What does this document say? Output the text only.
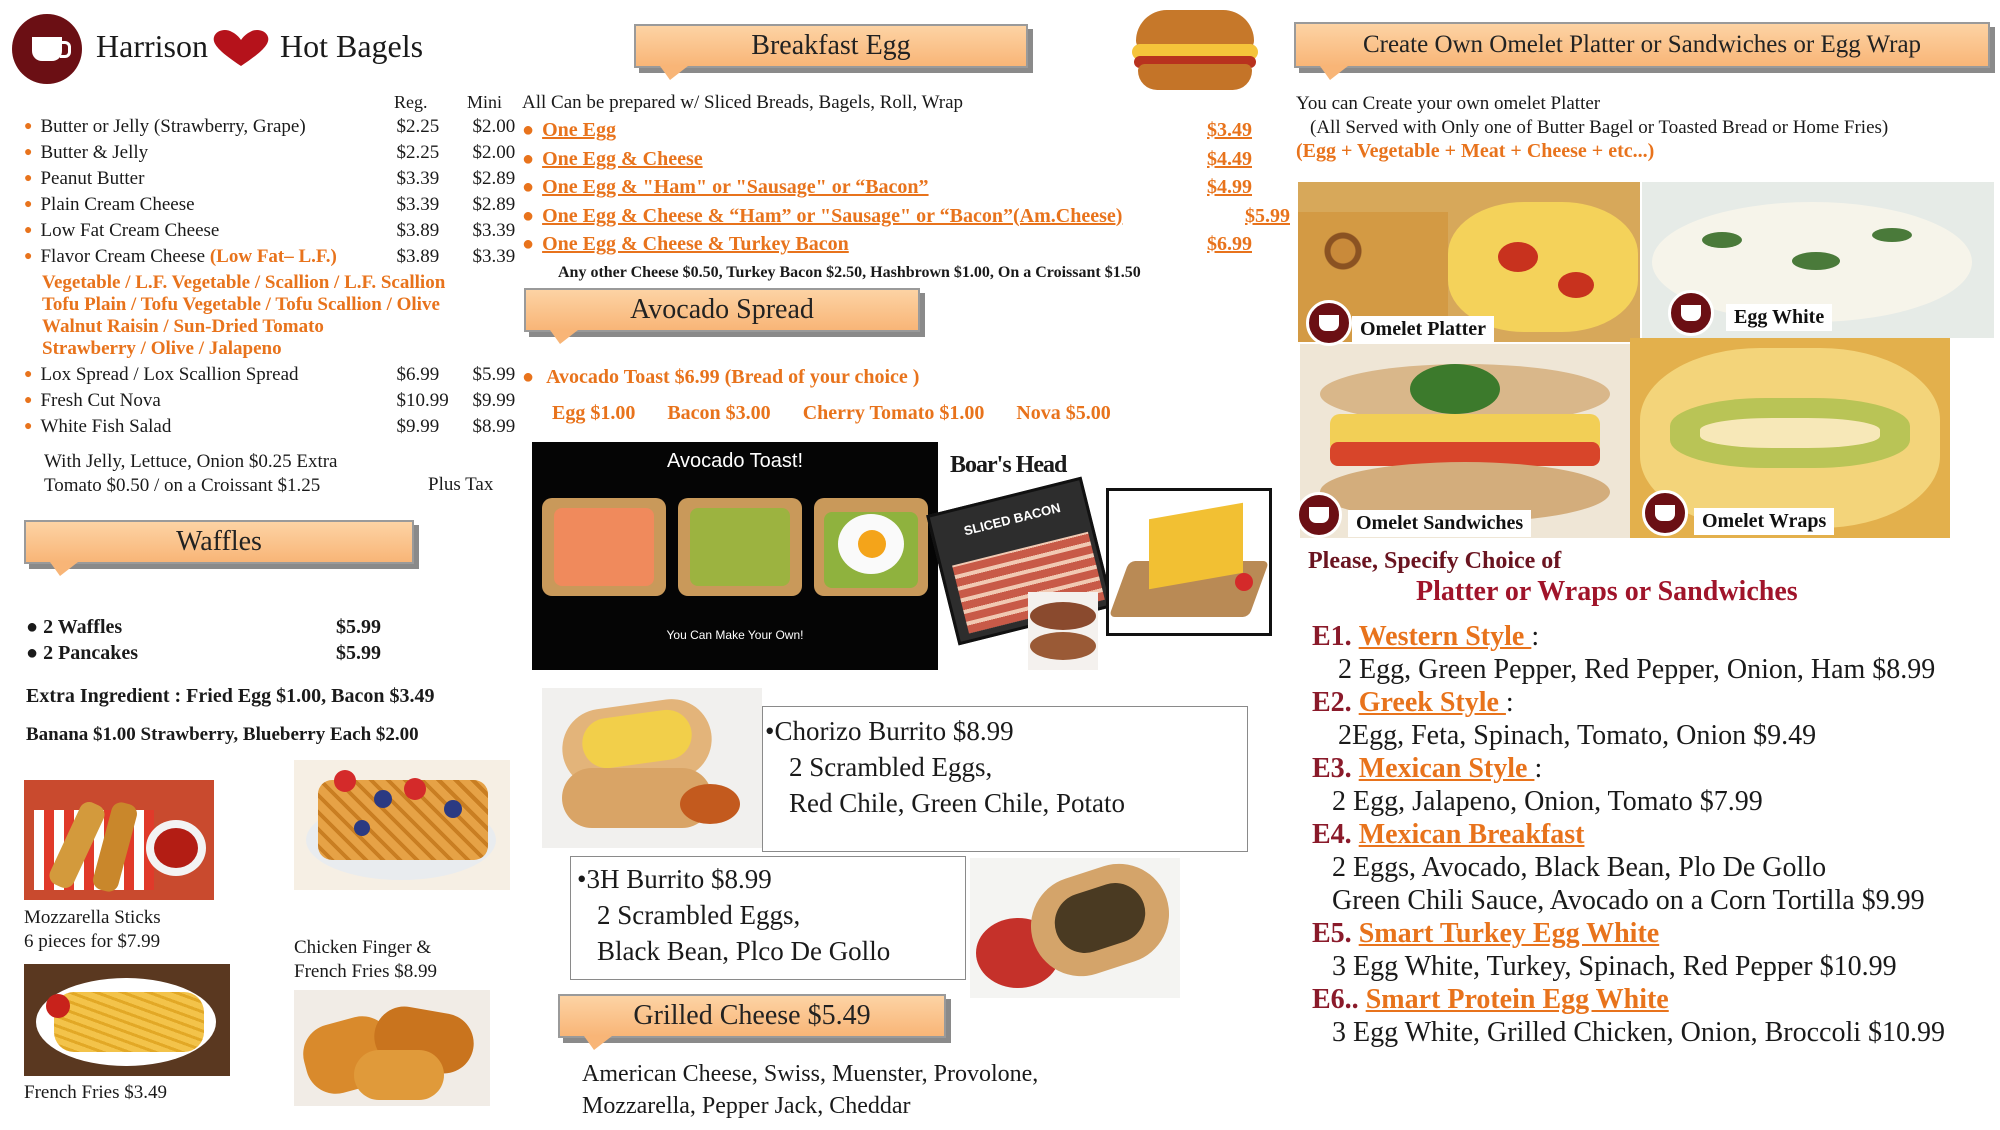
Harrison Hot Bagels
Reg. Mini
● Butter or Jelly (Strawberry, Grape)	$2.25	$2.00
● Butter & Jelly	$2.25	$2.00
● Peanut Butter	$3.39	$2.89
● Plain Cream Cheese	$3.39	$2.89
● Low Fat Cream Cheese	$3.89	$3.39
● Flavor Cream Cheese (Low Fat– L.F.)	$3.89	$3.39
Vegetable / L.F. Vegetable / Scallion / L.F. Scallion
Tofu Plain / Tofu Vegetable / Tofu Scallion / Olive
Walnut Raisin / Sun-Dried Tomato
Strawberry / Olive / Jalapeno
● Lox Spread / Lox Scallion Spread	$6.99	$5.99
● Fresh Cut Nova	$10.99	$9.99
● White Fish Salad	$9.99	$8.99
With Jelly, Lettuce, Onion $0.25 Extra
Tomato $0.50 / on a Croissant $1.25	Plus Tax
Waffles
● 2 Waffles	$5.99
● 2 Pancakes	$5.99
Extra Ingredient : Fried Egg $1.00, Bacon $3.49
Banana $1.00 Strawberry, Blueberry Each $2.00
Mozzarella Sticks
6 pieces for $7.99	Chicken Finger &
French Fries $8.99
French Fries $3.49
Breakfast Egg
All Can be prepared w/ Sliced Breads, Bagels, Roll, Wrap
● One Egg	$3.49
● One Egg & Cheese	$4.49
● One Egg & "Ham" or "Sausage" or “Bacon”	$4.99
● One Egg & Cheese & “Ham” or "Sausage" or “Bacon”(Am.Cheese)	$5.99
● One Egg & Cheese & Turkey Bacon	$6.99
Any other Cheese $0.50, Turkey Bacon $2.50, Hashbrown $1.00, On a Croissant $1.50
Avocado Spread
● Avocado Toast $6.99 (Bread of your choice )
Egg $1.00 Bacon $3.00 Cherry Tomato $1.00 Nova $5.00
Avocado Toast!
You Can Make Your Own!
Boar's Head
SLICED BACON
•Chorizo Burrito $8.99
2 Scrambled Eggs,
Red Chile, Green Chile, Potato
•3H Burrito $8.99
2 Scrambled Eggs,
Black Bean, Plco De Gollo
Grilled Cheese $5.49
American Cheese, Swiss, Muenster, Provolone,
Mozzarella, Pepper Jack, Cheddar
Create Own Omelet Platter or Sandwiches or Egg Wrap
You can Create your own omelet Platter
(All Served with Only one of Butter Bagel or Toasted Bread or Home Fries)
(Egg + Vegetable + Meat + Cheese + etc...)
Omelet Platter
Egg White
Omelet Sandwiches	Omelet Wraps
Please, Specify Choice of
Platter or Wraps or Sandwiches
E1. Western Style :
2 Egg, Green Pepper, Red Pepper, Onion, Ham $8.99
E2. Greek Style :
2Egg, Feta, Spinach, Tomato, Onion $9.49
E3. Mexican Style :
2 Egg, Jalapeno, Onion, Tomato $7.99
E4. Mexican Breakfast
2 Eggs, Avocado, Black Bean, Plo De Gollo
Green Chili Sauce, Avocado on a Corn Tortilla $9.99
E5. Smart Turkey Egg White
3 Egg White, Turkey, Spinach, Red Pepper $10.99
E6.. Smart Protein Egg White
3 Egg White, Grilled Chicken, Onion, Broccoli $10.99
